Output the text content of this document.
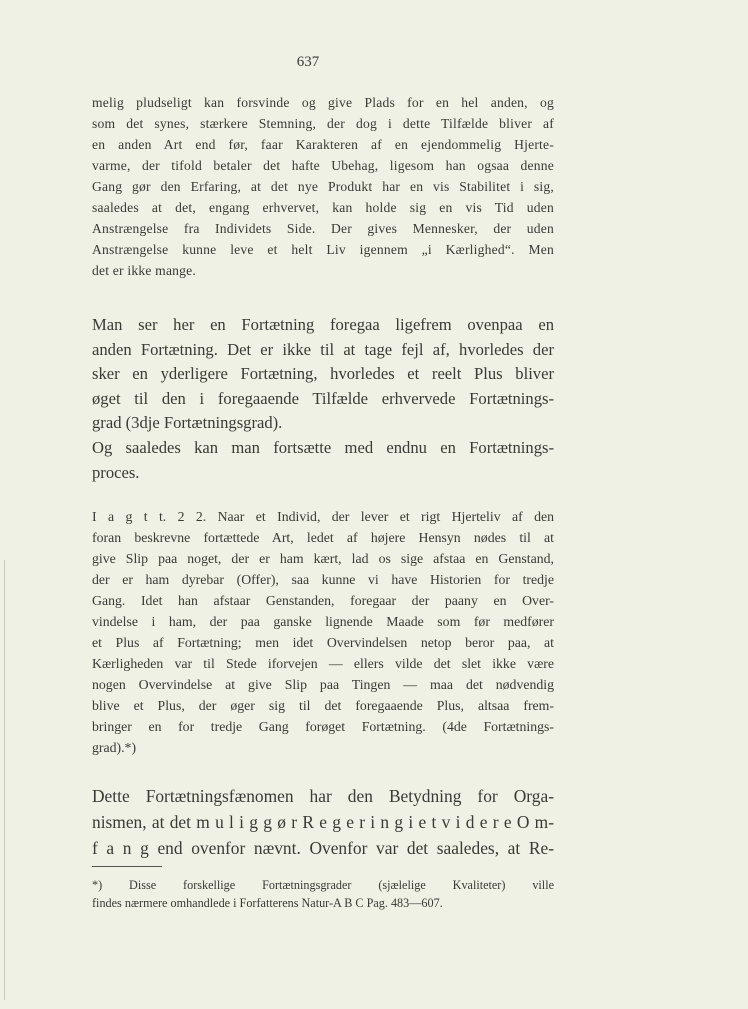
637
melig pludseligt kan forsvinde og give Plads for en hel anden, og
som det synes, stærkere Stemning, der dog i dette Tilfælde bliver af
en anden Art end før, faar Karakteren af en ejendommelig Hjerte-
varme, der tifold betaler det hafte Ubehag, ligesom han ogsaa denne
Gang gør den Erfaring, at det nye Produkt har en vis Stabilitet i sig,
saaledes at det, engang erhvervet, kan holde sig en vis Tid uden
Anstrængelse fra Individets Side. Der gives Mennesker, der uden
Anstrængelse kunne leve et helt Liv igennem „i Kærlighed“. Men
det er ikke mange.
Man ser her en Fortætning foregaa ligefrem ovenpaa en
anden Fortætning. Det er ikke til at tage fejl af, hvorledes der
sker en yderligere Fortætning, hvorledes et reelt Plus bliver
øget til den i foregaaende Tilfælde erhvervede Fortætnings-
grad (3dje Fortætningsgrad).
Og saaledes kan man fortsætte med endnu en Fortætnings-
proces.
I a g t t. 2 2. Naar et Individ, der lever et rigt Hjerteliv af den
foran beskrevne fortættede Art, ledet af højere Hensyn nødes til at
give Slip paa noget, der er ham kært, lad os sige afstaa en Genstand,
der er ham dyrebar (Offer), saa kunne vi have Historien for tredje
Gang. Idet han afstaar Genstanden, foregaar der paany en Over-
vindelse i ham, der paa ganske lignende Maade som før medfører
et Plus af Fortætning; men idet Overvindelsen netop beror paa, at
Kærligheden var til Stede iforvejen — ellers vilde det slet ikke være
nogen Overvindelse at give Slip paa Tingen — maa det nødvendig
blive et Plus, der øger sig til det foregaaende Plus, altsaa frem-
bringer en for tredje Gang forøget Fortætning. (4de Fortætnings-
grad).*)
Dette Fortætningsfænomen har den Betydning for Orga-
nismen, at det m u l i g g ø r R e g e r i n g i e t v i d e r e O m-
f a n g end ovenfor nævnt. Ovenfor var det saaledes, at Re-
*) Disse forskellige Fortætningsgrader (sjælelige Kvaliteter) ville
findes nærmere omhandlede i Forfatterens Natur-A B C Pag. 483—607.
